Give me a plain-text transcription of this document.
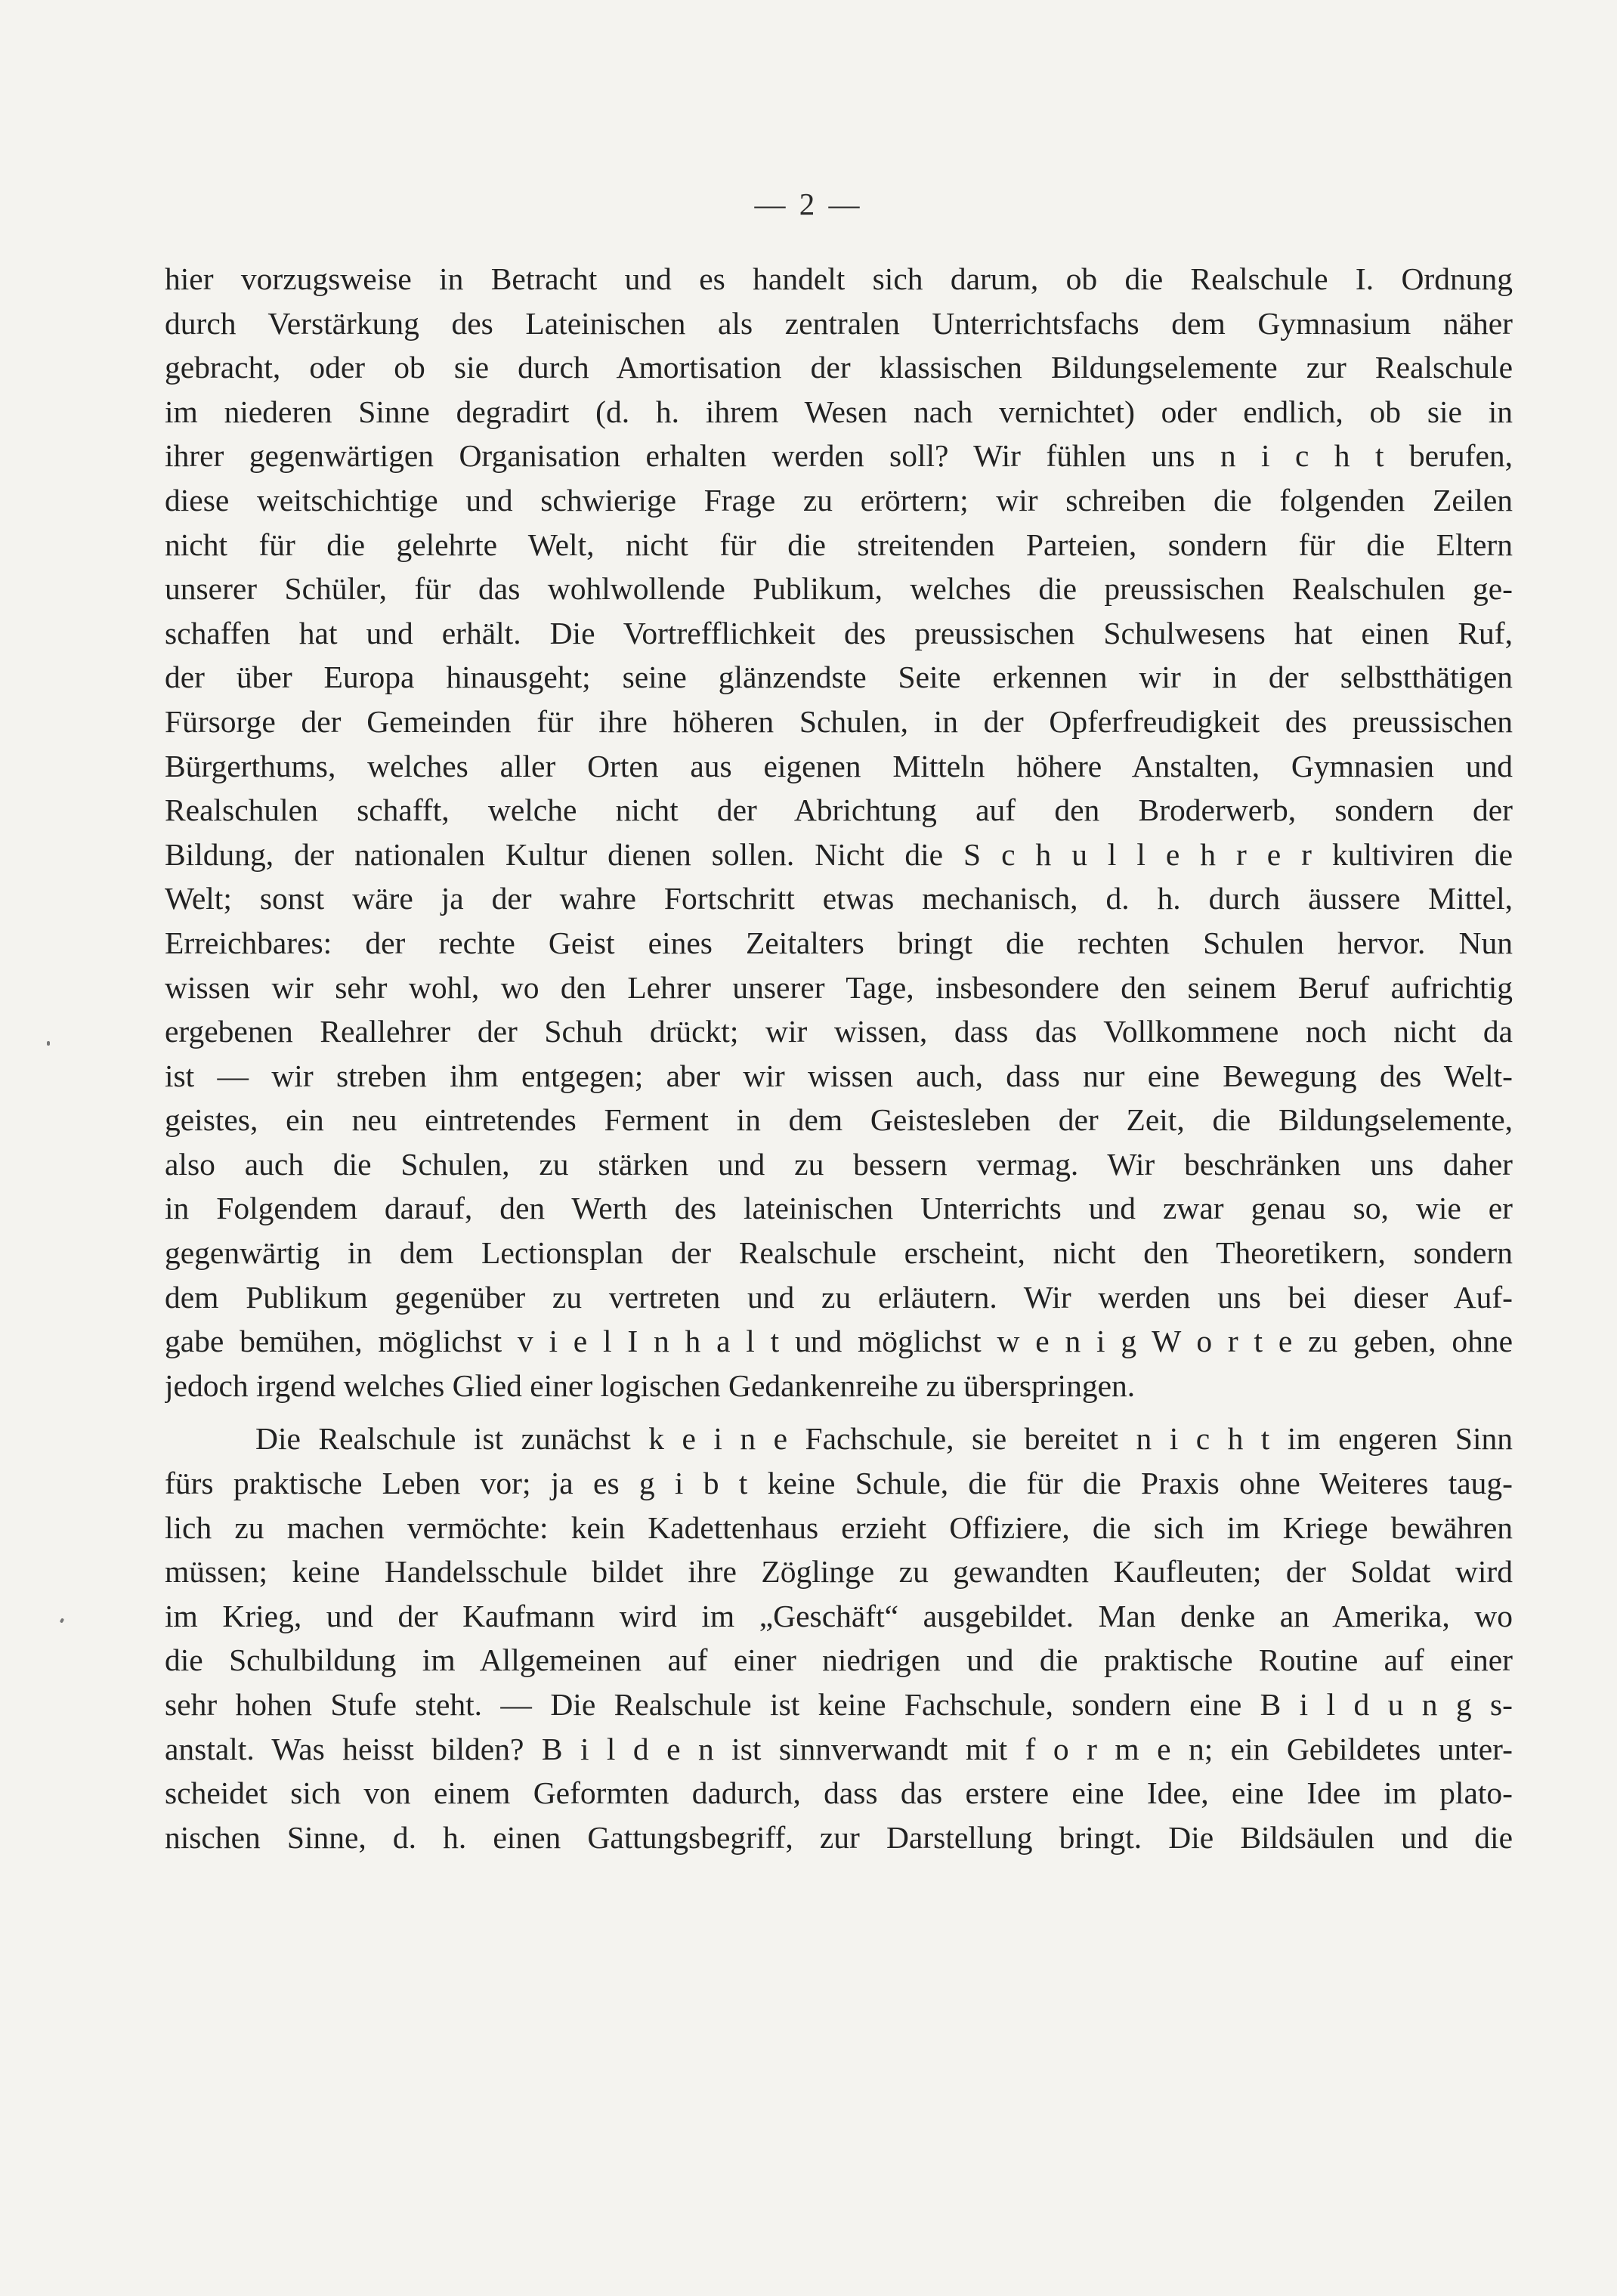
— 2 —
hier vorzugsweise in Betracht und es handelt sich darum, ob die Realschule I. Ordnung
durch Verstärkung des Lateinischen als zentralen Unterrichtsfachs dem Gymnasium näher
gebracht, oder ob sie durch Amortisation der klassischen Bildungselemente zur Realschule
im niederen Sinne degradirt (d. h. ihrem Wesen nach vernichtet) oder endlich, ob sie in
ihrer gegenwärtigen Organisation erhalten werden soll? Wir fühlen uns n i c h t berufen,
diese weitschichtige und schwierige Frage zu erörtern; wir schreiben die folgenden Zeilen
nicht für die gelehrte Welt, nicht für die streitenden Parteien, sondern für die Eltern
unserer Schüler, für das wohlwollende Publikum, welches die preussischen Realschulen ge-
schaffen hat und erhält. Die Vortrefflichkeit des preussischen Schulwesens hat einen Ruf,
der über Europa hinausgeht; seine glänzendste Seite erkennen wir in der selbstthätigen
Fürsorge der Gemeinden für ihre höheren Schulen, in der Opferfreudigkeit des preussischen
Bürgerthums, welches aller Orten aus eigenen Mitteln höhere Anstalten, Gymnasien und
Realschulen schafft, welche nicht der Abrichtung auf den Broderwerb, sondern der
Bildung, der nationalen Kultur dienen sollen. Nicht die S c h u l l e h r e r kultiviren die
Welt; sonst wäre ja der wahre Fortschritt etwas mechanisch, d. h. durch äussere Mittel,
Erreichbares: der rechte Geist eines Zeitalters bringt die rechten Schulen hervor. Nun
wissen wir sehr wohl, wo den Lehrer unserer Tage, insbesondere den seinem Beruf aufrichtig
ergebenen Reallehrer der Schuh drückt; wir wissen, dass das Vollkommene noch nicht da
ist — wir streben ihm entgegen; aber wir wissen auch, dass nur eine Bewegung des Welt-
geistes, ein neu eintretendes Ferment in dem Geistesleben der Zeit, die Bildungselemente,
also auch die Schulen, zu stärken und zu bessern vermag. Wir beschränken uns daher
in Folgendem darauf, den Werth des lateinischen Unterrichts und zwar genau so, wie er
gegenwärtig in dem Lectionsplan der Realschule erscheint, nicht den Theoretikern, sondern
dem Publikum gegenüber zu vertreten und zu erläutern. Wir werden uns bei dieser Auf-
gabe bemühen, möglichst v i e l I n h a l t und möglichst w e n i g W o r t e zu geben, ohne
jedoch irgend welches Glied einer logischen Gedankenreihe zu überspringen.
Die Realschule ist zunächst k e i n e Fachschule, sie bereitet n i c h t im engeren Sinn
fürs praktische Leben vor; ja es g i b t keine Schule, die für die Praxis ohne Weiteres taug-
lich zu machen vermöchte: kein Kadettenhaus erzieht Offiziere, die sich im Kriege bewähren
müssen; keine Handelsschule bildet ihre Zöglinge zu gewandten Kaufleuten; der Soldat wird
im Krieg, und der Kaufmann wird im „Geschäft“ ausgebildet. Man denke an Amerika, wo
die Schulbildung im Allgemeinen auf einer niedrigen und die praktische Routine auf einer
sehr hohen Stufe steht. — Die Realschule ist keine Fachschule, sondern eine B i l d u n g s-
anstalt. Was heisst bilden? B i l d e n ist sinnverwandt mit f o r m e n; ein Gebildetes unter-
scheidet sich von einem Geformten dadurch, dass das erstere eine Idee, eine Idee im plato-
nischen Sinne, d. h. einen Gattungsbegriff, zur Darstellung bringt. Die Bildsäulen und die
